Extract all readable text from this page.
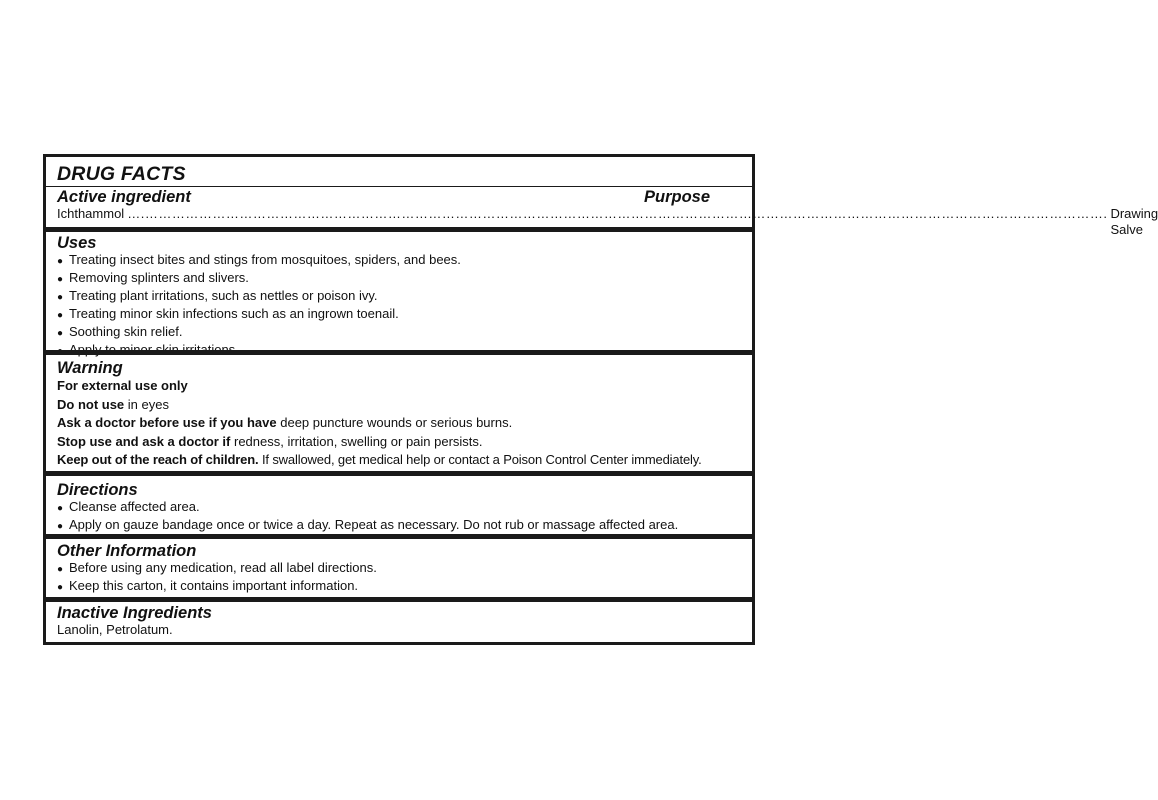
DRUG FACTS
Active ingredient	Purpose
Ichthammol ….……………………………………………………………………………………………………………………………………………………………………………………………. Drawing Salve
Uses
● Treating insect bites and stings from mosquitoes, spiders, and bees.
● Removing splinters and slivers.
● Treating plant irritations, such as nettles or poison ivy.
● Treating minor skin infections such as an ingrown toenail.
● Soothing skin relief.
Warning
For external use only
Do not use in eyes
Ask a doctor before use if you have deep puncture wounds or serious burns.
Stop use and ask a doctor if redness, irritation, swelling or pain persists.
Keep out of the reach of children. If swallowed, get medical help or contact a Poison Control Center immediately.
Directions
● Cleanse affected area.
● Apply on gauze bandage once or twice a day. Repeat as necessary. Do not rub or massage affected area.
Other Information
● Before using any medication, read all label directions.
● Keep this carton, it contains important information.
Inactive Ingredients
Lanolin, Petrolatum.
